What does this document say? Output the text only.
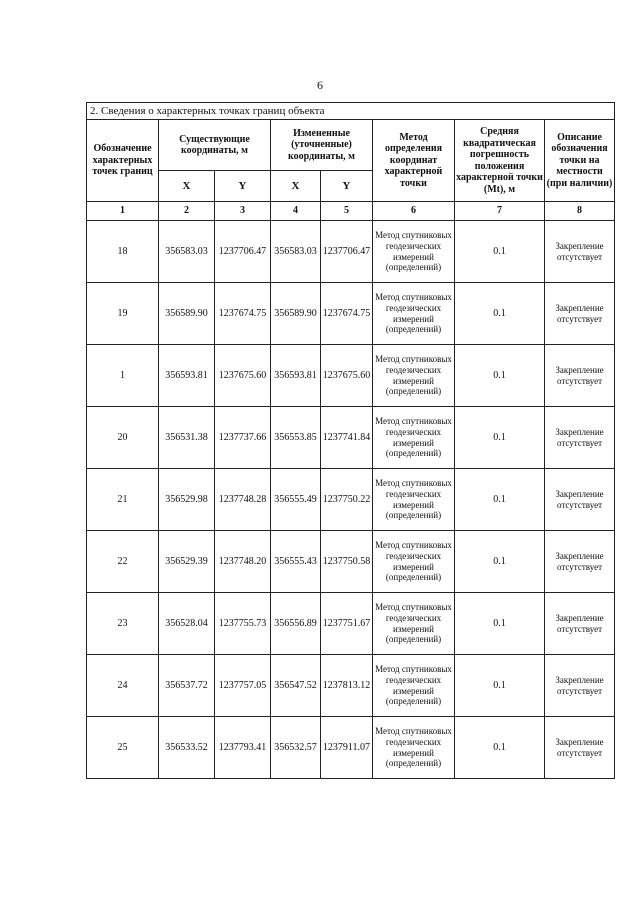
6
2. Сведения о характерных точках границ объекта							
Обозначение характерных точек границ	Существующие координаты, м		Измененные (уточненные) координаты, м		Метод определения координат характерной точки	Средняя квадратическая погрешность положения характерной точки (Mt), м	Описание обозначения точки на местности (при наличии)
	X	Y	X	Y			
1	2	3	4	5	6	7	8
18	356583.03	1237706.47	356583.03	1237706.47	Метод спутниковых геодезических измерений (определений)	0.1	Закрепление отсутствует
19	356589.90	1237674.75	356589.90	1237674.75	Метод спутниковых геодезических измерений (определений)	0.1	Закрепление отсутствует
1	356593.81	1237675.60	356593.81	1237675.60	Метод спутниковых геодезических измерений (определений)	0.1	Закрепление отсутствует
20	356531.38	1237737.66	356553.85	1237741.84	Метод спутниковых геодезических измерений (определений)	0.1	Закрепление отсутствует
21	356529.98	1237748.28	356555.49	1237750.22	Метод спутниковых геодезических измерений (определений)	0.1	Закрепление отсутствует
22	356529.39	1237748.20	356555.43	1237750.58	Метод спутниковых геодезических измерений (определений)	0.1	Закрепление отсутствует
23	356528.04	1237755.73	356556.89	1237751.67	Метод спутниковых геодезических измерений (определений)	0.1	Закрепление отсутствует
24	356537.72	1237757.05	356547.52	1237813.12	Метод спутниковых геодезических измерений (определений)	0.1	Закрепление отсутствует
25	356533.52	1237793.41	356532.57	1237911.07	Метод спутниковых геодезических измерений (определений)	0.1	Закрепление отсутствует
